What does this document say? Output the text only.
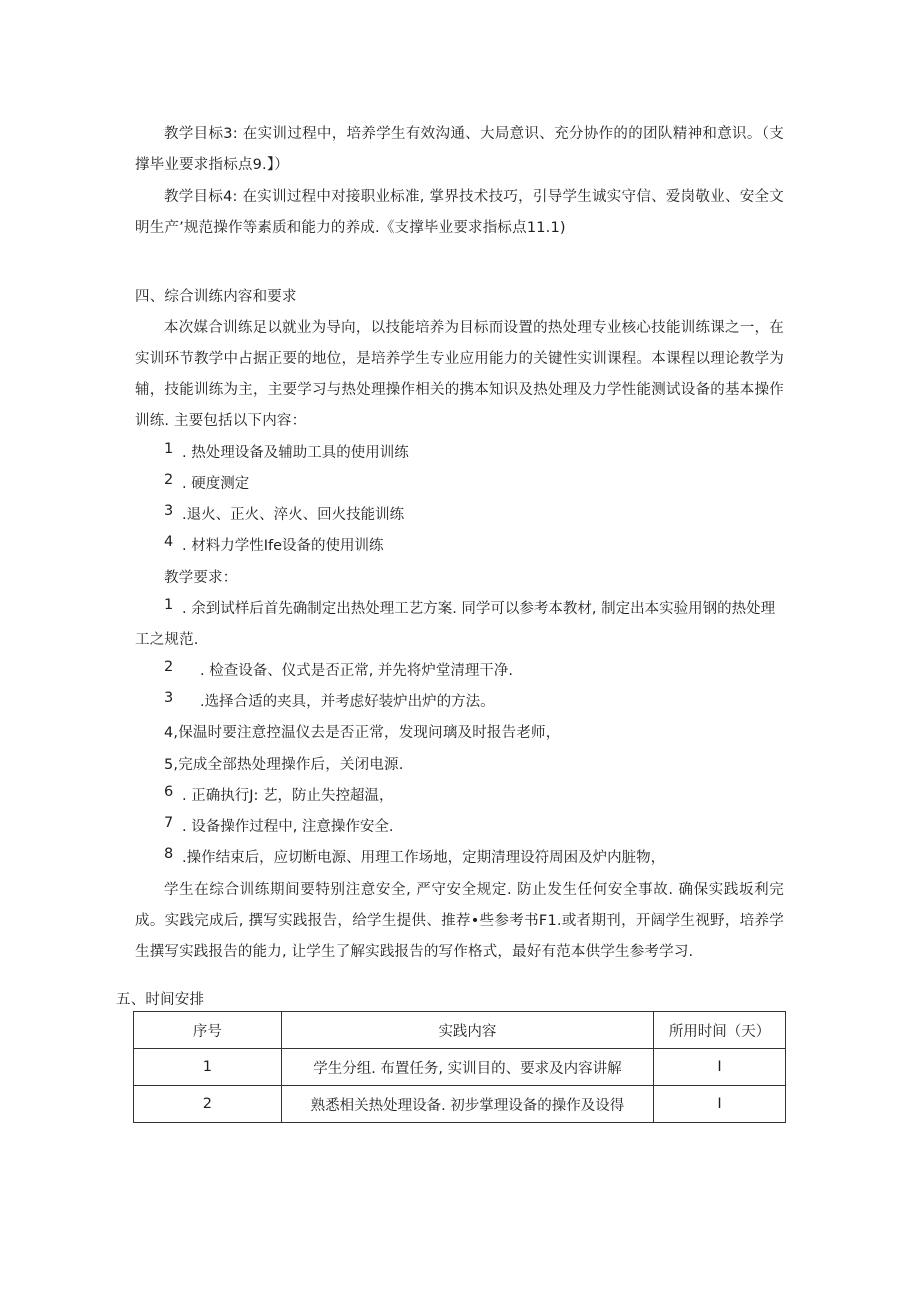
教学目标3: 在实训过程中，培养学生有效沟通、大局意识、充分协作的的团队精神和意识。（支
撑毕业要求指标点9.】）
教学目标4: 在实训过程中对接职业标准, 掌界技术技巧，引导学生诚实守信、爱岗敬业、安全文
明生产’规范操作等素质和能力的养成.《支撑毕业要求指标点11.1)
四、综合训练内容和要求
本次媒合训练足以就业为导向，以技能培养为目标而设置的热处理专业核心技能训练课之一，在
实训环节教学中占据正要的地位，是培养学生专业应用能力的关键性实训课程。本课程以理论教学为
辅，技能训练为主，主要学习与热处理操作相关的携本知识及热处理及力学性能测试设备的基本操作
训练. 主要包括以下内容：
1 . 热处理设备及辅助工具的使用训练
2 . 硬度测定
3 .退火、正火、淬火、回火技能训练
4 . 材料力学性Ife设备的使用训练
教学要求：
1 . 余到试样后首先确制定出热处理工艺方案. 同学可以参考本教材, 制定出本实验用钢的热处理
工之规范.
2 . 检查设备、仪式是否正常, 并先将炉堂清理干净.
3 .选择合适的夹具，并考虑好装炉出炉的方法。
4,保温时要注意控温仪去是否正常，发现问璃及时报告老师，
5,完成全部热处理操作后，关闭电源.
6 . 正确执行J: 艺，防止失控超温，
7 . 设备操作过程中, 注意操作安全.
8 .操作结束后，应切断电源、用理工作场地，定期清理设符周困及炉内脏物，
学生在综合训练期间要特别注意安全, 严守安全规定. 防止发生任何安全事故. 确保实践坂利完
成。实践完成后, 撰写实践报告，给学生提供、推荐•些参考书F1.或者期刊，开阔学生视野，培养学
生撰写实践报告的能力, 让学生了解实践报告的写作格式，最好有范本供学生参考学习.
五、时间安排
序号	实践内容	所用时间（天）
1	学生分组. 布置任务, 实训目的、要求及内容讲解	I
2	熟悉相关热处理设备. 初步掌理设备的操作及设得	I
